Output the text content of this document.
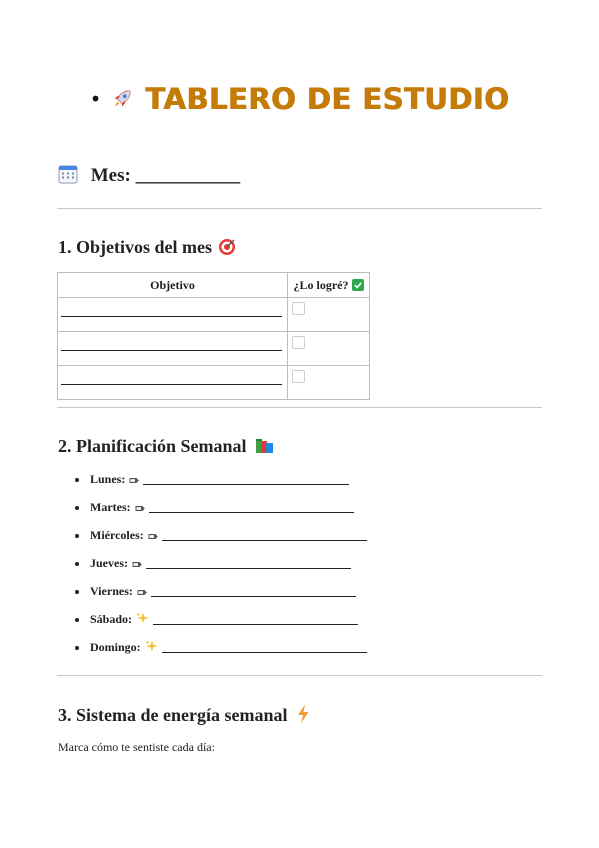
• TABLERO DE ESTUDIO
Mes: ___________
1. Objetivos del mes
Objetivo	¿Lo logré?

2. Planificación Semanal
Lunes:
Martes:
Miércoles:
Jueves:
Viernes:
Sábado:
Domingo:
3. Sistema de energía semanal
Marca cómo te sentiste cada día:
